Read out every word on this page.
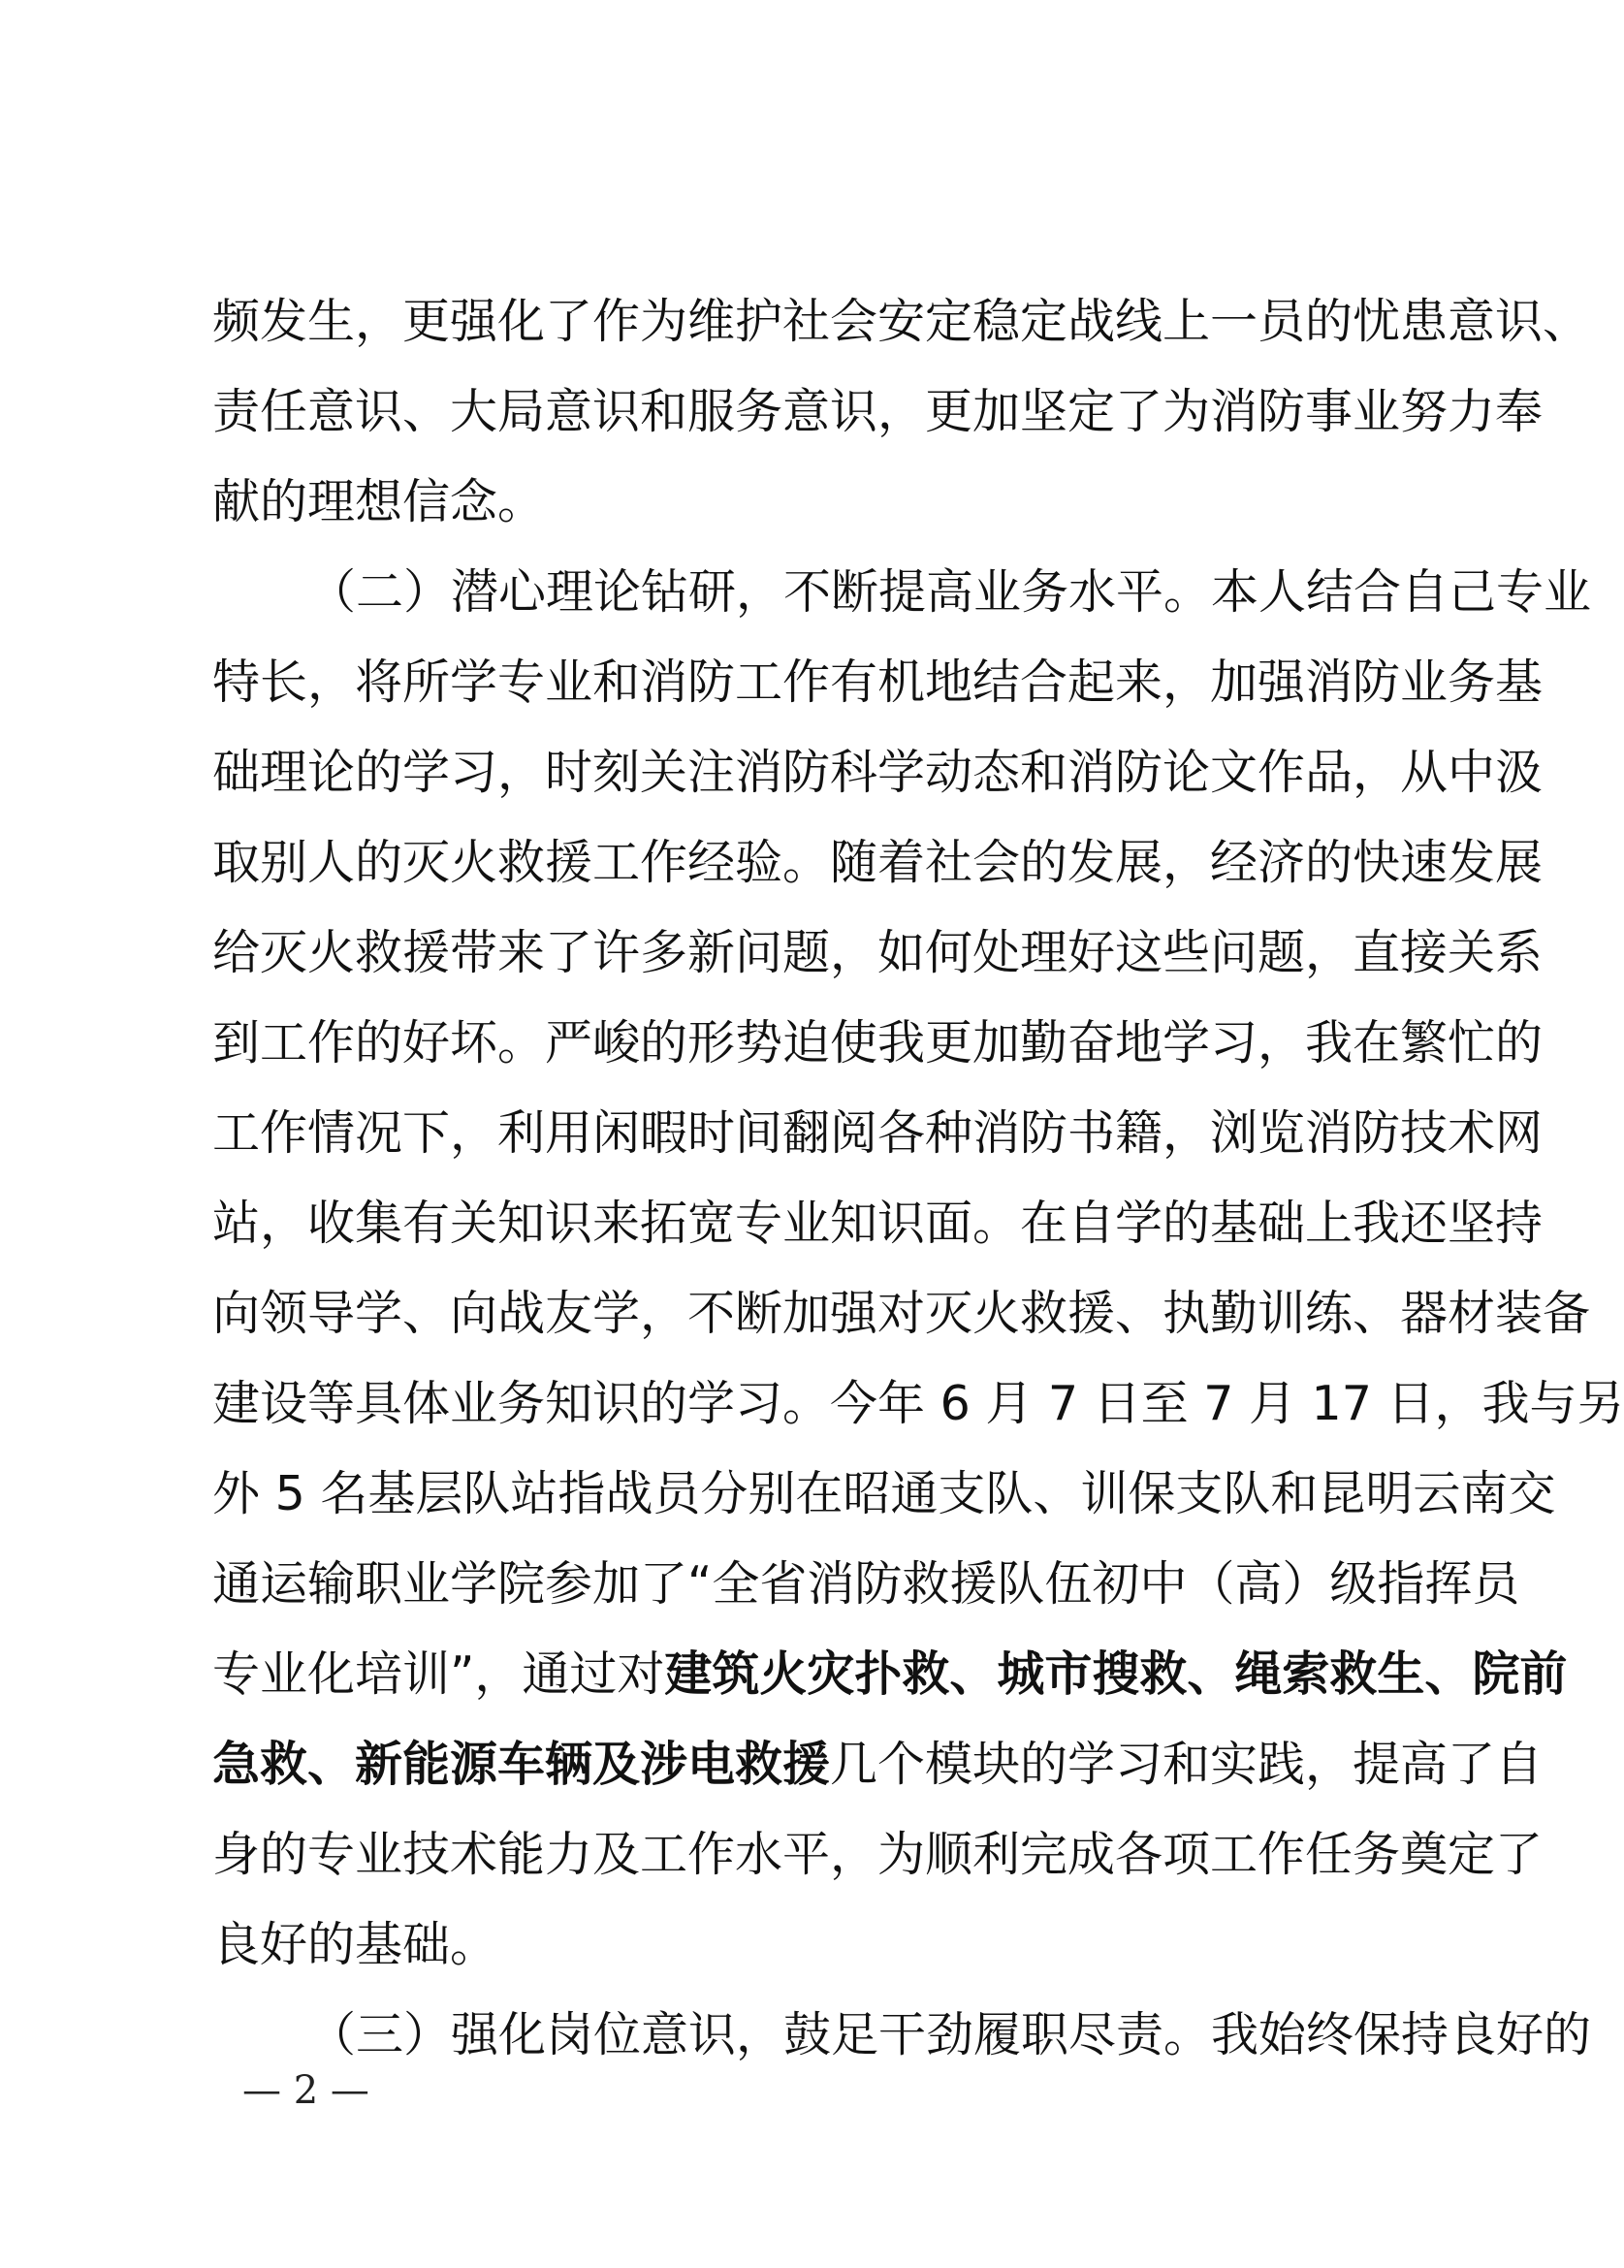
频发生，更强化了作为维护社会安定稳定战线上一员的忧患意识、
责任意识、大局意识和服务意识，更加坚定了为消防事业努力奉
献的理想信念。
（二）潜心理论钻研，不断提高业务水平。本人结合自己专业
特长，将所学专业和消防工作有机地结合起来，加强消防业务基
础理论的学习，时刻关注消防科学动态和消防论文作品，从中汲
取别人的灭火救援工作经验。随着社会的发展，经济的快速发展
给灭火救援带来了许多新问题，如何处理好这些问题，直接关系
到工作的好坏。严峻的形势迫使我更加勤奋地学习，我在繁忙的
工作情况下，利用闲暇时间翻阅各种消防书籍，浏览消防技术网
站，收集有关知识来拓宽专业知识面。在自学的基础上我还坚持
向领导学、向战友学，不断加强对灭火救援、执勤训练、器材装备
建设等具体业务知识的学习。今年 6 月 7 日至 7 月 17 日，我与另
外 5 名基层队站指战员分别在昭通支队、训保支队和昆明云南交
通运输职业学院参加了“全省消防救援队伍初中（高）级指挥员
专业化培训”，通过对建筑火灾扑救、城市搜救、绳索救生、院前
急救、新能源车辆及涉电救援几个模块的学习和实践，提高了自
身的专业技术能力及工作水平，为顺利完成各项工作任务奠定了
良好的基础。
（三）强化岗位意识，鼓足干劲履职尽责。我始终保持良好的
— 2 —
